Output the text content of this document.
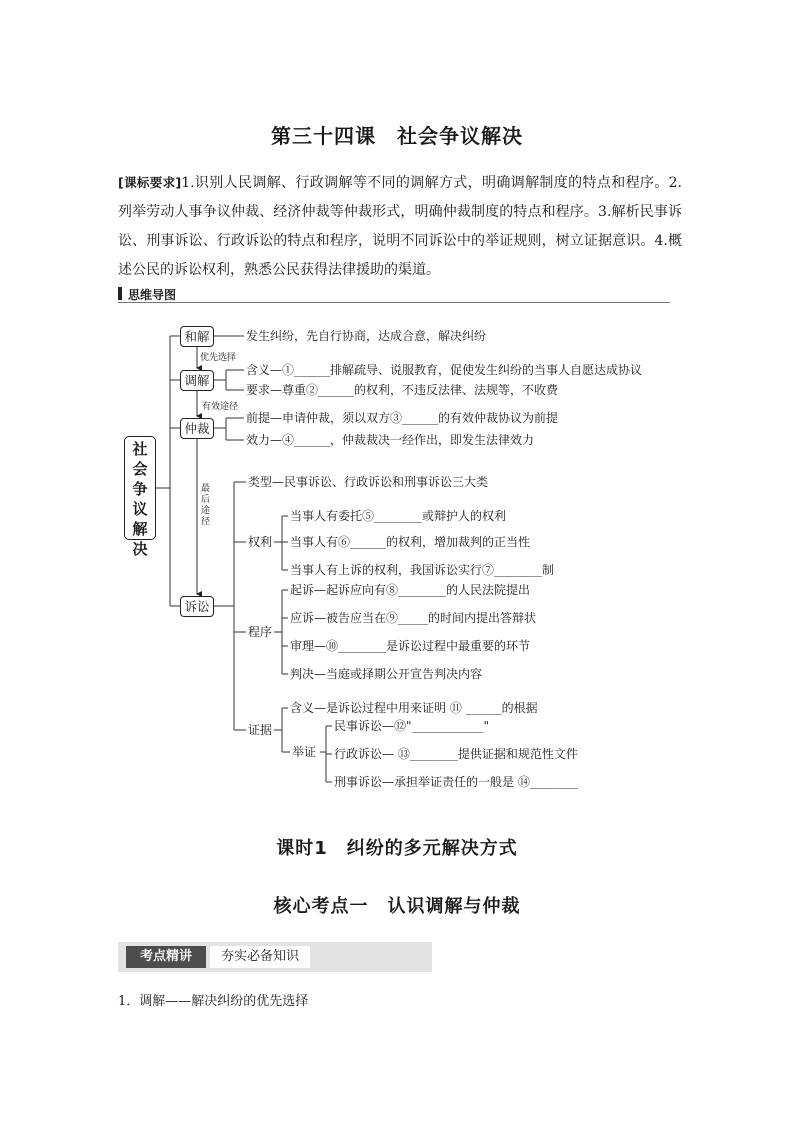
第三十四课　社会争议解决
[课标要求]1.识别人民调解、行政调解等不同的调解方式，明确调解制度的特点和程序。2.列举劳动人事争议仲裁、经济仲裁等仲裁形式，明确仲裁制度的特点和程序。3.解析民事诉讼、刑事诉讼、行政诉讼的特点和程序，说明不同诉讼中的举证规则，树立证据意识。4.概述公民的诉讼权利，熟悉公民获得法律援助的渠道。
思维导图
社会争议解决
和解
调解
仲裁
诉讼
优先选择
有效途径
最后途径
发生纠纷，先自行协商，达成合意，解决纠纷
含义—①______排解疏导、说服教育，促使发生纠纷的当事人自愿达成协议
要求—尊重②______的权利，不违反法律、法规等，不收费
前提—申请仲裁，须以双方③______的有效仲裁协议为前提
效力—④______，仲裁裁决一经作出，即发生法律效力
类型—民事诉讼、行政诉讼和刑事诉讼三大类
权利
当事人有委托⑤________或辩护人的权利
当事人有⑥______的权利，增加裁判的正当性
当事人有上诉的权利，我国诉讼实行⑦________制
程序
起诉—起诉应向有⑧________的人民法院提出
应诉—被告应当在⑨_____的时间内提出答辩状
审理—⑩________是诉讼过程中最重要的环节
判决—当庭或择期公开宣告判决内容
证据
含义—是诉讼过程中用来证明 ⑪ ______的根据
举证
民事诉讼—⑫"____________"
行政诉讼— ⑬________提供证据和规范性文件
刑事诉讼—承担举证责任的一般是 ⑭________
课时1　纠纷的多元解决方式
核心考点一　认识调解与仲裁
考点精讲	夯实必备知识
1．调解——解决纠纷的优先选择
